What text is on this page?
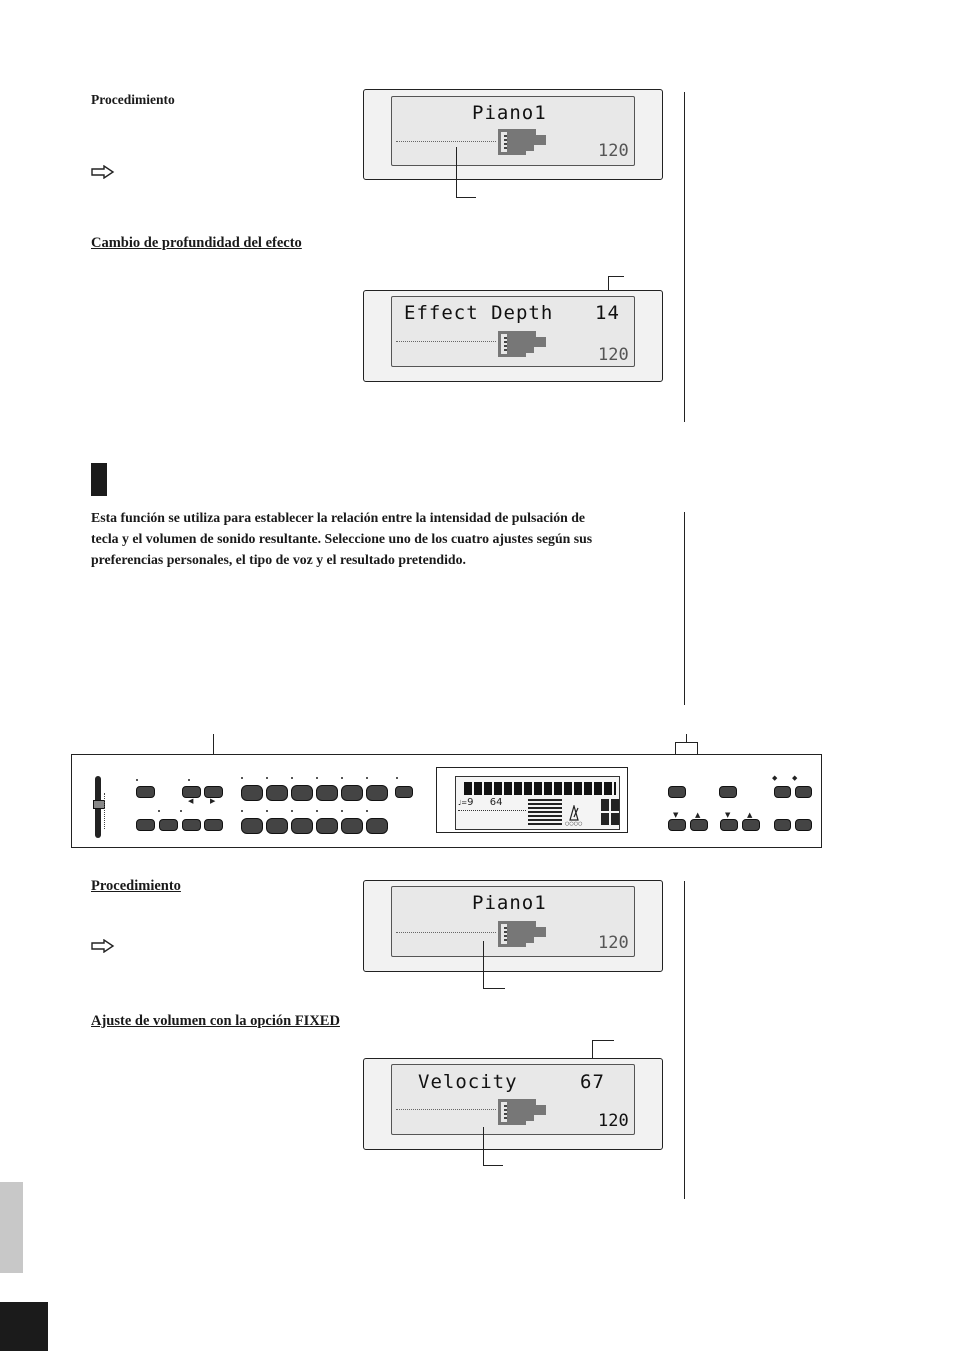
Procedimiento
Piano1
120
Cambio de profundidad del efecto
Effect Depth 14
120
Esta función se utiliza para establecer la relación entre la intensidad de pulsación de
tecla y el volumen de sonido resultante. Seleccione uno de los cuatro ajustes según sus
preferencias personales, el tipo de voz y el resultado pretendido.
◀ ▶	♩=9 64
○○○○
◆ ◆
▼ ▲	▼ ▲
Procedimiento
Piano1
120
Ajuste de volumen con la opción FIXED
Velocity	67
120
